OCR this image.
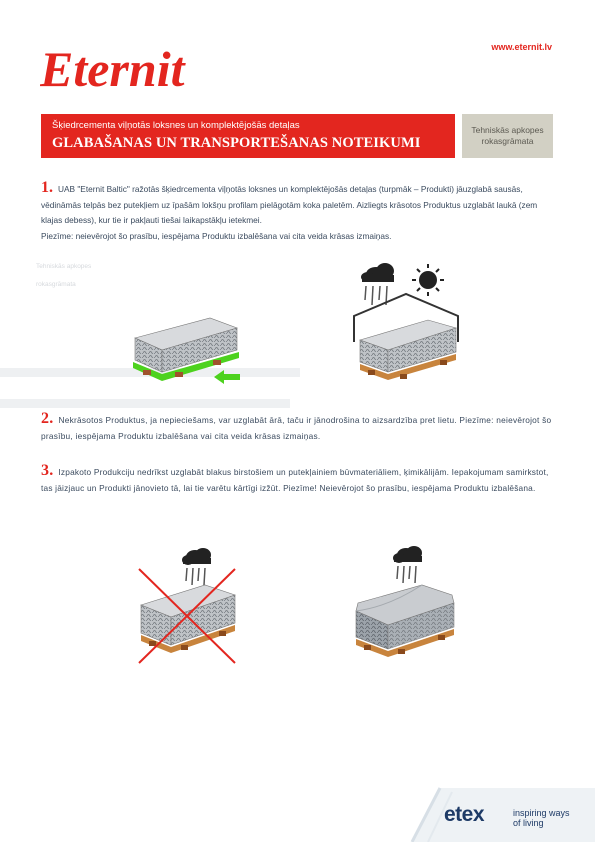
Eternit	www.eternit.lv
Šķiedrcementa viļņotās loksnes un komplektējošās detaļas
GLABAŠANAS UN TRANSPORTEŠANAS NOTEIKUMI
Tehniskās apkopes
rokasgrāmata
1. UAB "Eternit Baltic" ražotās šķiedrcementa viļņotās loksnes un komplektējošās detaļas (turpmāk – Produkti) jāuzglabā sausās, vēdināmās telpās bez putekļiem uz īpašām lokšņu profilam pielāgotām koka paletēm. Aizliegts krāsotos Produktus uzglabāt laukā (zem klajas debess), kur tie ir pakļauti tiešai laikapstākļu ietekmei.
Piezīme: neievērojot šo prasību, iespējama Produktu izbalēšana vai cita veida krāsas izmaiņas.
Tehniskās apkopes
rokasgrāmata
2. Nekrāsotos Produktus, ja nepieciešams, var uzglabāt ārā, taču ir jānodrošina to aizsardzība pret lietu. Piezīme: neievērojot šo prasību, iespējama Produktu izbalēšana vai cita veida krāsas izmaiņas.
3. Izpakoto Produkciju nedrīkst uzglabāt blakus birstošiem un putekļainiem būvmateriāliem, ķimikālijām. Iepakojumam samirkstot, tas jāizjauc un Produkti jānovieto tā, lai tie varētu kārtīgi izžūt. Piezīme! Neievērojot šo prasību, iespējama Produktu izbalēšana.
etex	inspiring ways
of living
